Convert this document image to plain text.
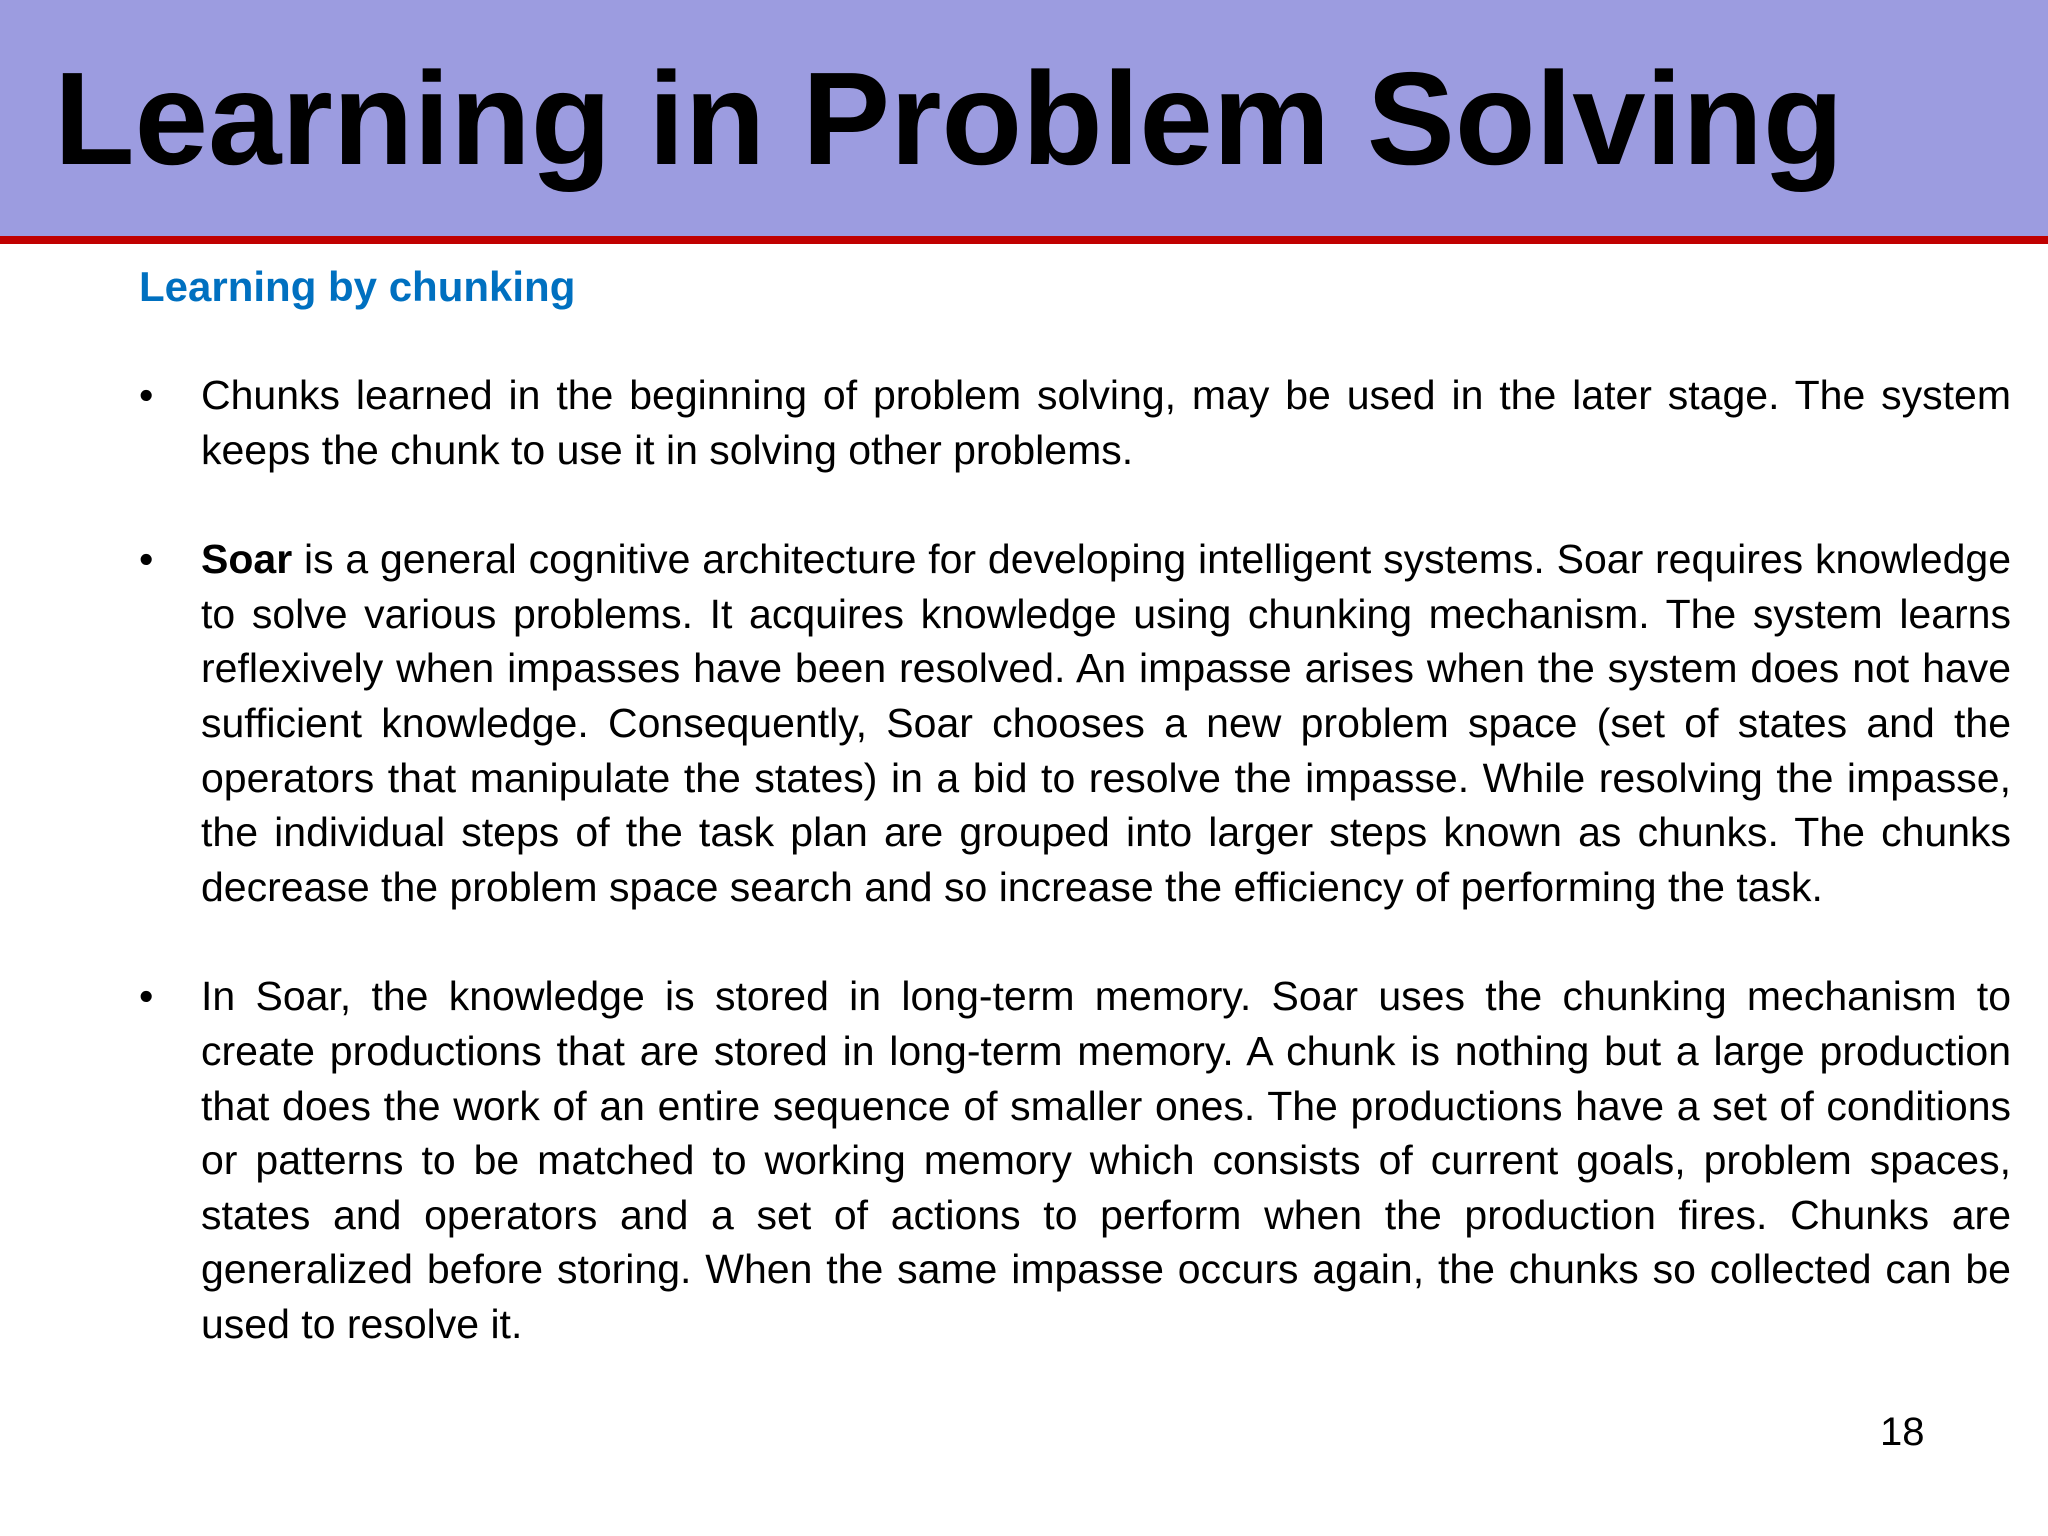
Learning in Problem Solving
Learning by chunking
•	Chunks learned in the beginning of problem solving, may be used in the later stage. The system keeps the chunk to use it in solving other problems.
•	Soar is a general cognitive architecture for developing intelligent systems. Soar requires knowledge to solve various problems. It acquires knowledge using chunking mechanism. The system learns reflexively when impasses have been resolved. An impasse arises when the system does not have sufficient knowledge. Consequently, Soar chooses a new problem space (set of states and the operators that manipulate the states) in a bid to resolve the impasse. While resolving the impasse, the individual steps of the task plan are grouped into larger steps known as chunks. The chunks decrease the problem space search and so increase the efficiency of performing the task.
•	In Soar, the knowledge is stored in long-term memory. Soar uses the chunking mechanism to create productions that are stored in long-term memory. A chunk is nothing but a large production that does the work of an entire sequence of smaller ones. The productions have a set of conditions or patterns to be matched to working memory which consists of current goals, problem spaces, states and operators and a set of actions to perform when the production fires. Chunks are generalized before storing. When the same impasse occurs again, the chunks so collected can be used to resolve it.
18
